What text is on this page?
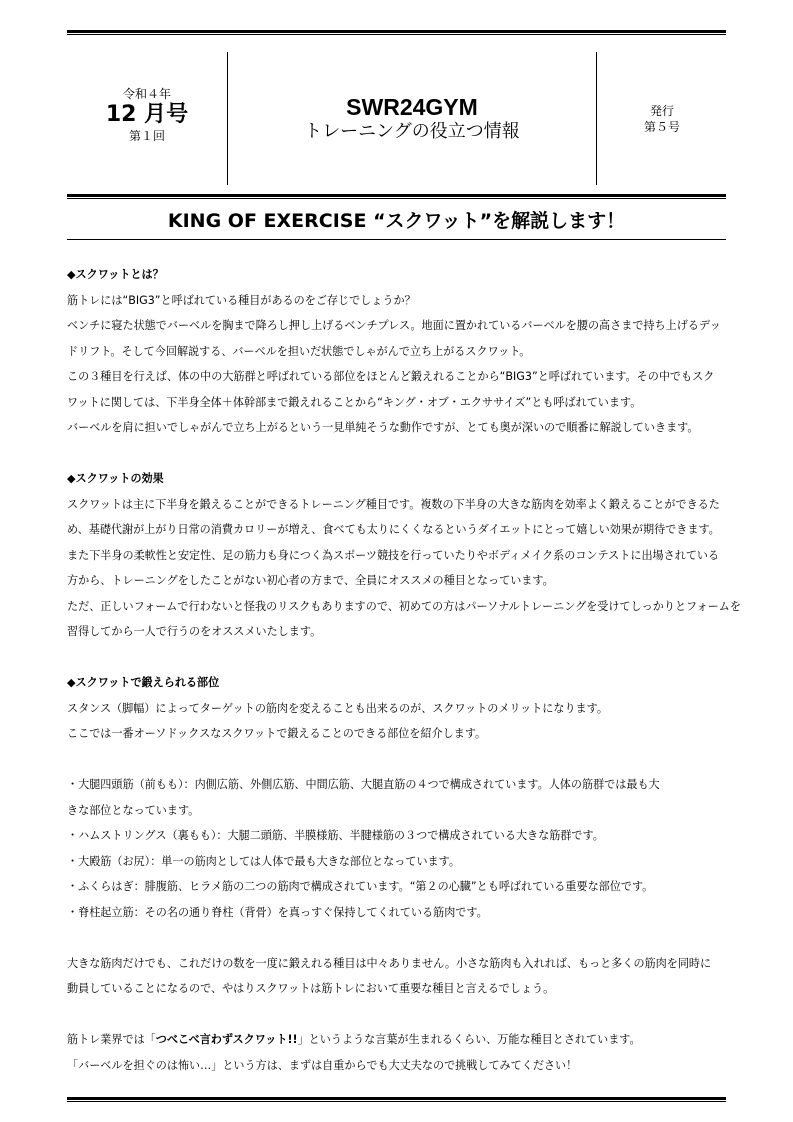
令和４年
12 月号
第１回
SWR24GYM
トレーニングの役立つ情報
発行
第５号
KING OF EXERCISE “スクワット”を解説します！

◆スクワットとは？

筋トレには“BIG3”と呼ばれている種目があるのをご存じでしょうか？

ベンチに寝た状態でバーベルを胸まで降ろし押し上げるベンチプレス。地面に置かれているバーベルを腰の高さまで持ち上げるデッ

ドリフト。そして今回解説する、バーベルを担いだ状態でしゃがんで立ち上がるスクワット。

この３種目を行えば、体の中の大筋群と呼ばれている部位をほとんど鍛えれることから“BIG3”と呼ばれています。その中でもスク

ワットに関しては、下半身全体＋体幹部まで鍛えれることから“キング・オブ・エクササイズ”とも呼ばれています。

バーベルを肩に担いでしゃがんで立ち上がるという一見単純そうな動作ですが、とても奥が深いので順番に解説していきます。

◆スクワットの効果

スクワットは主に下半身を鍛えることができるトレーニング種目です。複数の下半身の大きな筋肉を効率よく鍛えることができるた

め、基礎代謝が上がり日常の消費カロリーが増え、食べても太りにくくなるというダイエットにとって嬉しい効果が期待できます。

また下半身の柔軟性と安定性、足の筋力も身につく為スポーツ競技を行っていたりやボディメイク系のコンテストに出場されている

方から、トレーニングをしたことがない初心者の方まで、全員にオススメの種目となっています。

ただ、正しいフォームで行わないと怪我のリスクもありますので、初めての方はパーソナルトレーニングを受けてしっかりとフォームを

習得してから一人で行うのをオススメいたします。

◆スクワットで鍛えられる部位

スタンス（脚幅）によってターゲットの筋肉を変えることも出来るのが、スクワットのメリットになります。

ここでは一番オーソドックスなスクワットで鍛えることのできる部位を紹介します。

・大腿四頭筋（前もも）：内側広筋、外側広筋、中間広筋、大腿直筋の４つで構成されています。人体の筋群では最も大

きな部位となっています。

・ハムストリングス（裏もも）：大腿二頭筋、半膜様筋、半腱様筋の３つで構成されている大きな筋群です。

・大殿筋（お尻）：単一の筋肉としては人体で最も大きな部位となっています。

・ふくらはぎ：腓腹筋、ヒラメ筋の二つの筋肉で構成されています。“第２の心臓”とも呼ばれている重要な部位です。

・脊柱起立筋：その名の通り脊柱（背骨）を真っすぐ保持してくれている筋肉です。

大きな筋肉だけでも、これだけの数を一度に鍛えれる種目は中々ありません。小さな筋肉も入れれば、もっと多くの筋肉を同時に

動員していることになるので、やはりスクワットは筋トレにおいて重要な種目と言えるでしょう。

筋トレ業界では「つべこべ言わずスクワット!!」というような言葉が生まれるくらい、万能な種目とされています。

「バーベルを担ぐのは怖い…」という方は、まずは自重からでも大丈夫なので挑戦してみてください！
